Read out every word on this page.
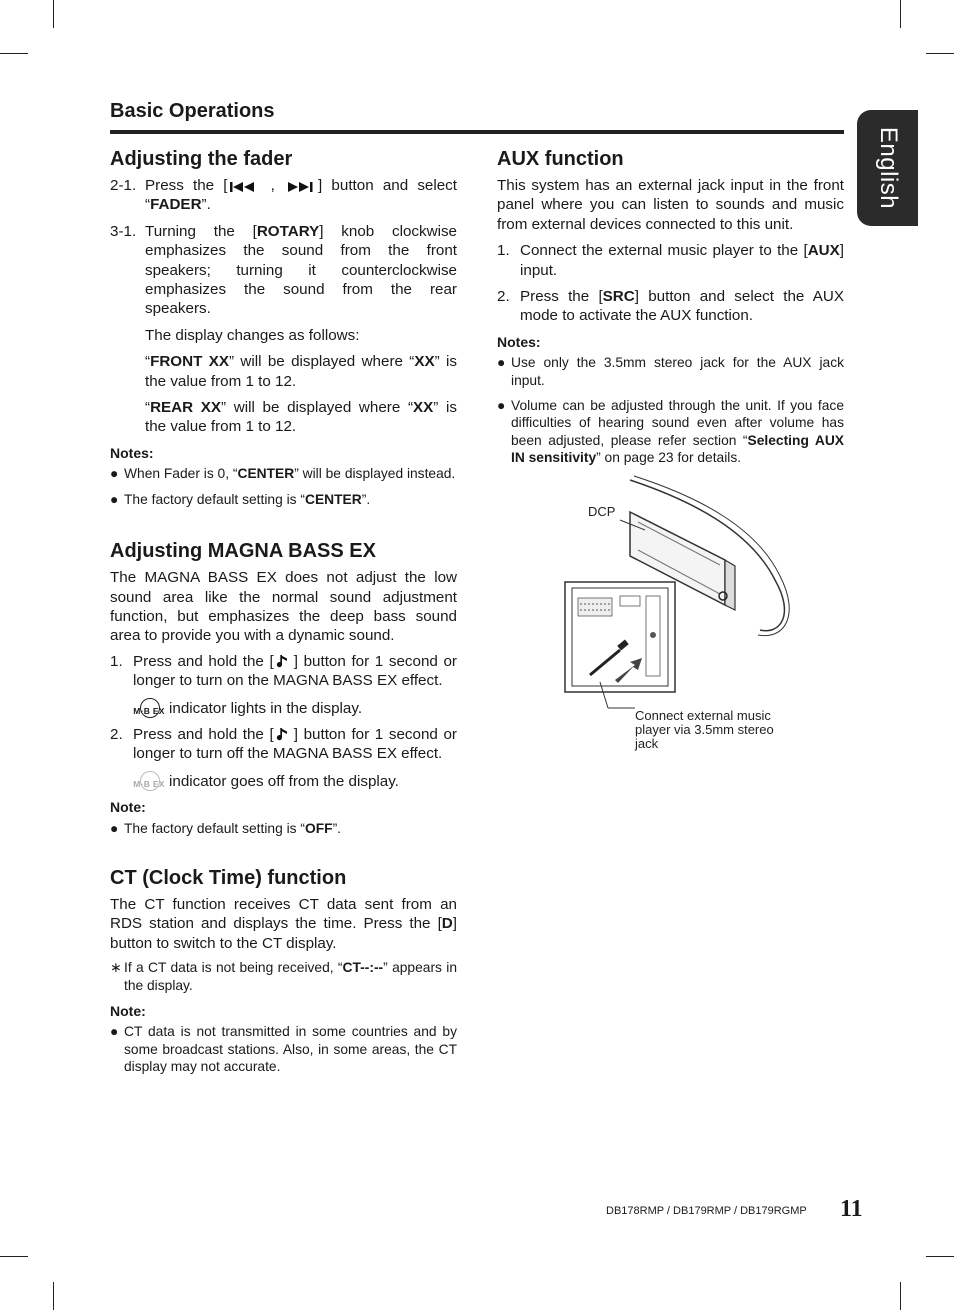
Basic Operations
English
Adjusting the fader
2-1. Press the [ , ] button and select “FADER”.
3-1. Turning the [ROTARY] knob clockwise emphasizes the sound from the front speakers; turning it counterclockwise emphasizes the sound from the rear speakers.

The display changes as follows:

“FRONT XX” will be displayed where “XX” is the value from 1 to 12.

“REAR XX” will be displayed where “XX” is the value from 1 to 12.

Notes:
● When Fader is 0, “CENTER” will be displayed instead.
● The factory default setting is “CENTER”.
Adjusting MAGNA BASS EX

The MAGNA BASS EX does not adjust the low sound area like the normal sound adjustment function, but emphasizes the deep bass sound area to provide you with a dynamic sound.

1. Press and hold the [ ] button for 1 second or longer to turn on the MAGNA BASS EX effect.

M·B EX indicator lights in the display.

2. Press and hold the [ ] button for 1 second or longer to turn off the MAGNA BASS EX effect.

M·B EX indicator goes off from the display.

Note:
● The factory default setting is “OFF”.
CT (Clock Time) function

The CT function receives CT data sent from an RDS station and displays the time. Press the [D] button to switch to the CT display.

∗ If a CT data is not being received, “CT--:--” appears in the display.
Note:
● CT data is not transmitted in some countries and by some broadcast stations. Also, in some areas, the CT display may not accurate.
AUX function

This system has an external jack input in the front panel where you can listen to sounds and music from external devices connected to this unit.

1. Connect the external music player to the [AUX] input.
2. Press the [SRC] button and select the AUX mode to activate the AUX function.
Notes:
● Use only the 3.5mm stereo jack for the AUX jack input.
● Volume can be adjusted through the unit. If you face difficulties of hearing sound even after volume has been adjusted, please refer section “Selecting AUX IN sensitivity” on page 23 for details.
DCP
Connect external music
player via 3.5mm stereo
jack
DB178RMP / DB179RMP / DB179RGMP 11
